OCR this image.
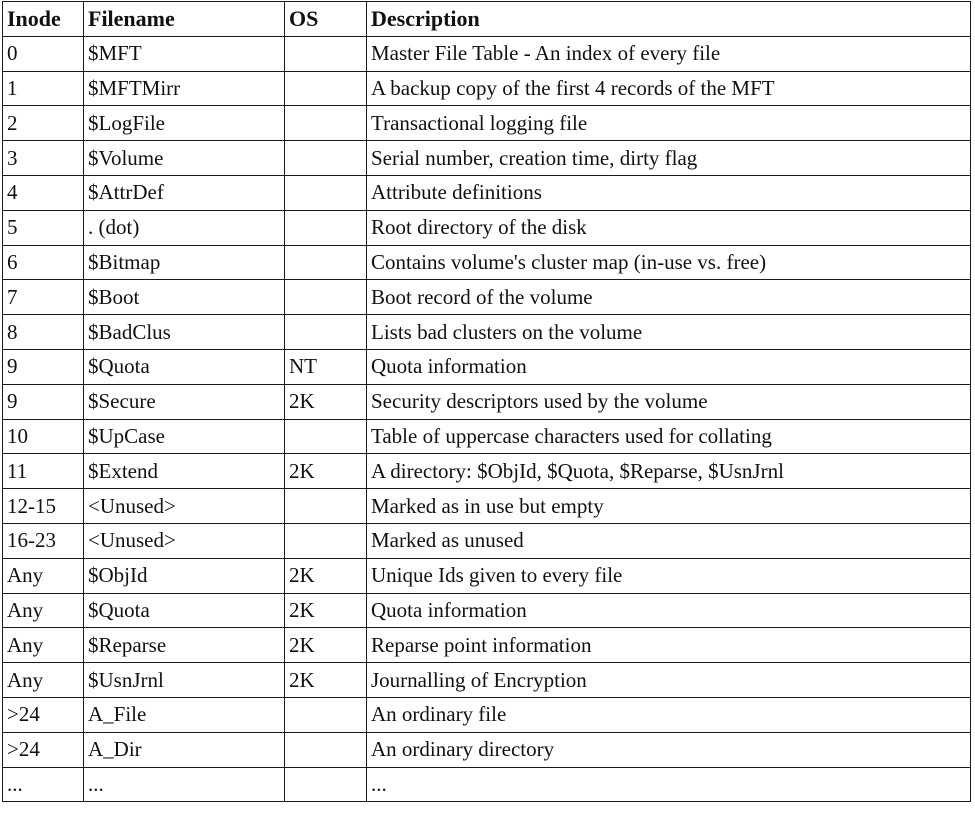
Inode	Filename	OS	Description
0	$MFT		Master File Table - An index of every file
1	$MFTMirr		A backup copy of the first 4 records of the MFT
2	$LogFile		Transactional logging file
3	$Volume		Serial number, creation time, dirty flag
4	$AttrDef		Attribute definitions
5	. (dot)		Root directory of the disk
6	$Bitmap		Contains volume's cluster map (in-use vs. free)
7	$Boot		Boot record of the volume
8	$BadClus		Lists bad clusters on the volume
9	$Quota	NT	Quota information
9	$Secure	2K	Security descriptors used by the volume
10	$UpCase		Table of uppercase characters used for collating
11	$Extend	2K	A directory: $ObjId, $Quota, $Reparse, $UsnJrnl
12-15	<Unused>		Marked as in use but empty
16-23	<Unused>		Marked as unused
Any	$ObjId	2K	Unique Ids given to every file
Any	$Quota	2K	Quota information
Any	$Reparse	2K	Reparse point information
Any	$UsnJrnl	2K	Journalling of Encryption
>24	A_File		An ordinary file
>24	A_Dir		An ordinary directory
...	...		...
